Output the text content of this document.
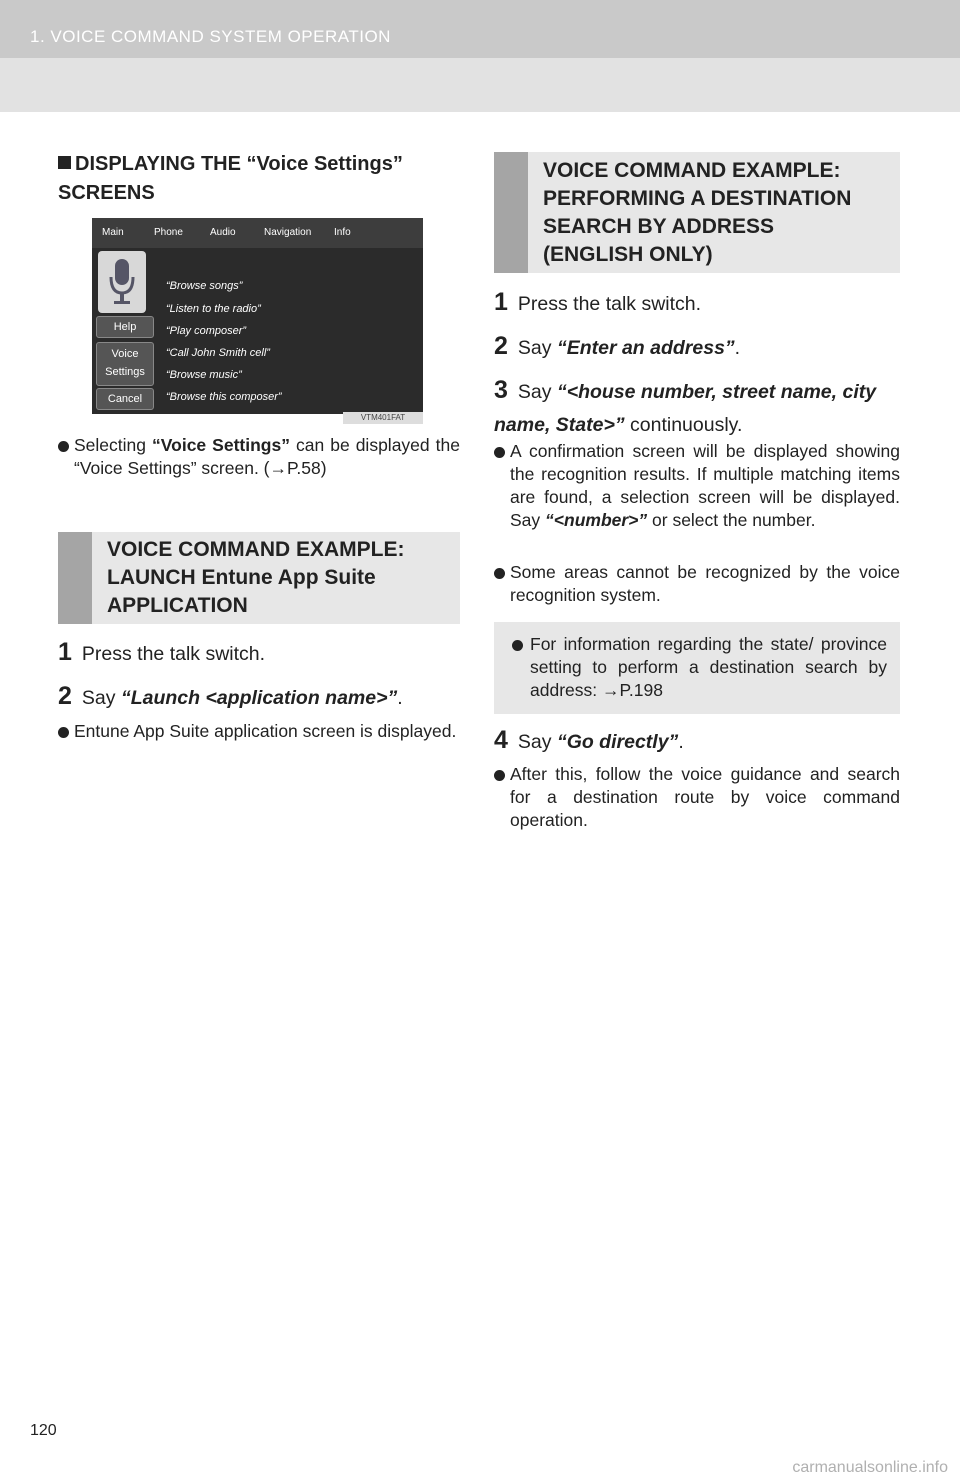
1. VOICE COMMAND SYSTEM OPERATION
DISPLAYING THE “Voice Settings” SCREENS
Main	Phone	Audio	Navigation Info
Help
Voice Settings
Cancel
“Browse songs”
“Listen to the radio”
“Play composer”
“Call John Smith cell”
“Browse music”
“Browse this composer”
VTM401FAT
Selecting “Voice Settings” can be displayed the “Voice Settings” screen. (→P.58)
VOICE COMMAND EXAMPLE:
LAUNCH Entune App Suite
APPLICATION
1 Press the talk switch.
2 Say “Launch <application name>”.
Entune App Suite application screen is displayed.
VOICE COMMAND EXAMPLE:
PERFORMING A DESTINATION
SEARCH BY ADDRESS
(ENGLISH ONLY)
1 Press the talk switch.
2 Say “Enter an address”.
3 Say “<house number, street name, city name, State>” continuously.
A confirmation screen will be displayed showing the recognition results. If multiple matching items are found, a selection screen will be displayed. Say “<number>” or select the number.
Some areas cannot be recognized by the voice recognition system.
For information regarding the state/ province setting to perform a destination search by address: →P.198
4 Say “Go directly”.
After this, follow the voice guidance and search for a destination route by voice command operation.
120
carmanualsonline.info
